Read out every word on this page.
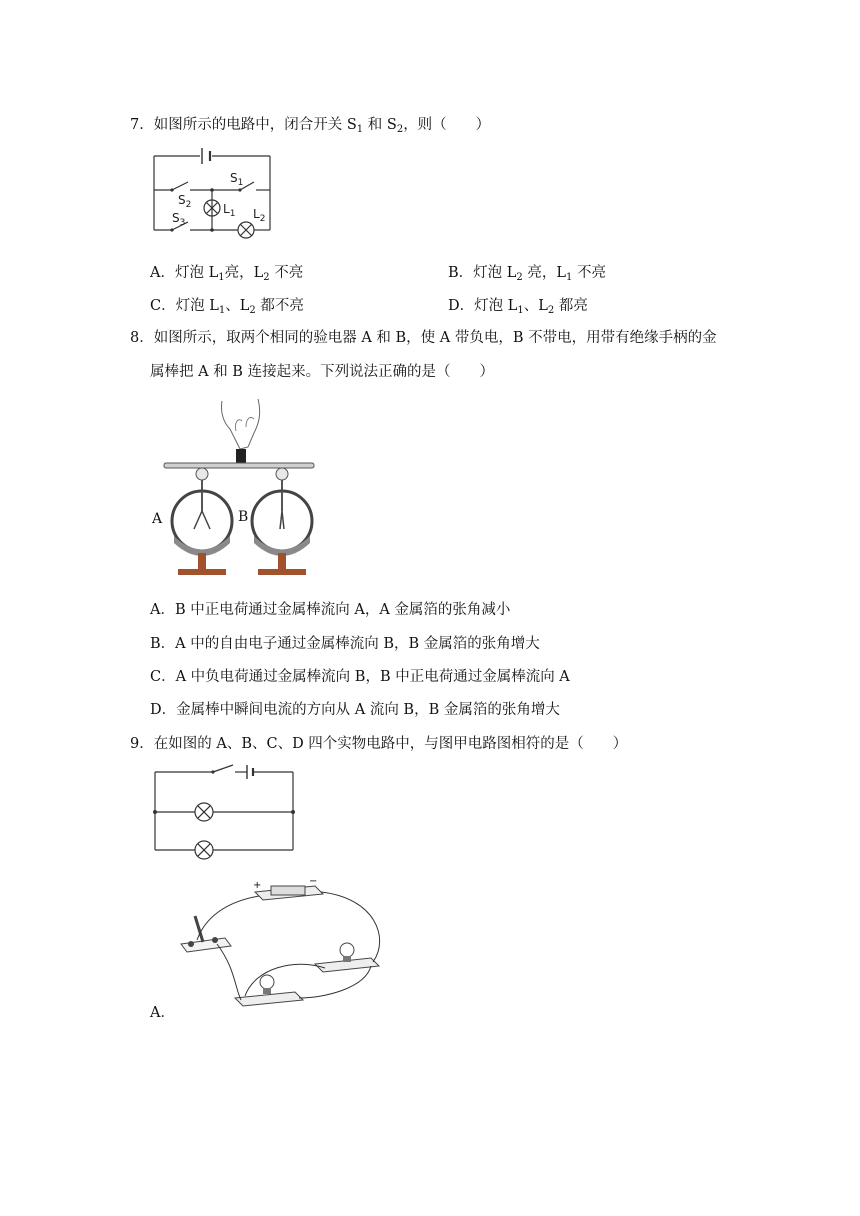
7．如图所示的电路中，闭合开关 $S_1$ 和 $S_2$，则（　　）
$S_1$
$S_2$
$S_3$
$L_1$ $L_2$
A．灯泡 $L_1$亮，$L_2$ 不亮	B．灯泡 $L_2$ 亮，$L_1$ 不亮
C．灯泡 $L_1$、$L_2$ 都不亮	D．灯泡 $L_1$、$L_2$ 都亮
8．如图所示，取两个相同的验电器 A 和 B，使 A 带负电，B 不带电，用带有绝缘手柄的金
属棒把 A 和 B 连接起来。下列说法正确的是（　　）
A	B
A．B 中正电荷通过金属棒流向 A，A 金属箔的张角减小
B．A 中的自由电子通过金属棒流向 B，B 金属箔的张角增大
C．A 中负电荷通过金属棒流向 B，B 中正电荷通过金属棒流向 A
D．金属棒中瞬间电流的方向从 A 流向 B，B 金属箔的张角增大
9．在如图的 A、B、C、D 四个实物电路中，与图甲电路图相符的是（　　）
+	−
A．
